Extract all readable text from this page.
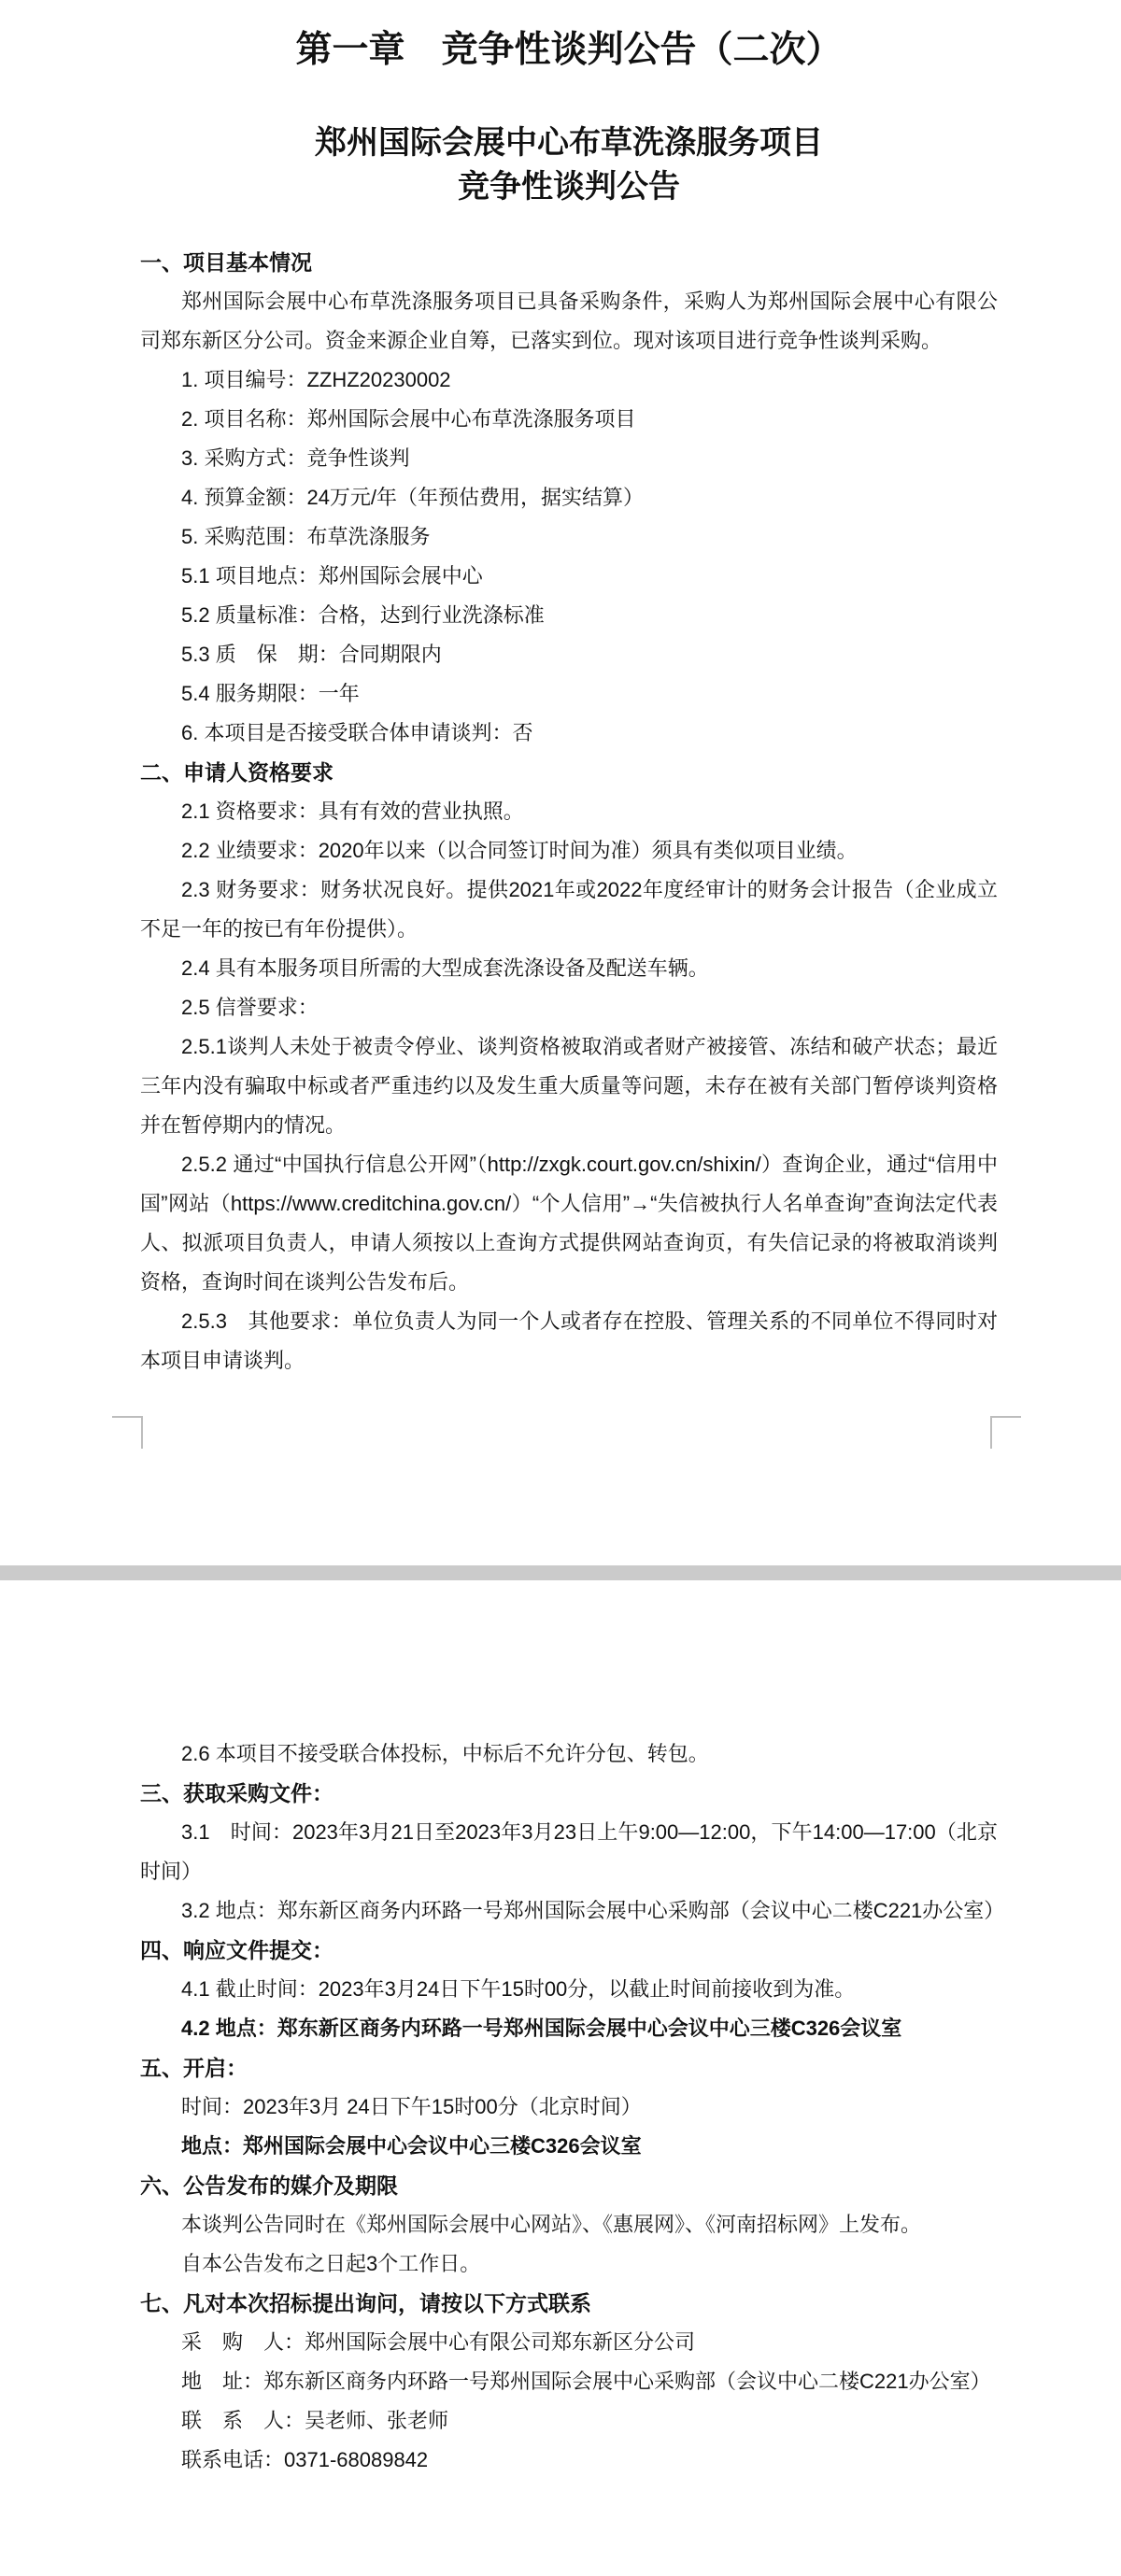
第一章　竞争性谈判公告（二次）
郑州国际会展中心布草洗涤服务项目
竞争性谈判公告
一、项目基本情况
郑州国际会展中心布草洗涤服务项目已具备采购条件，采购人为郑州国际会展中心有限公司郑东新区分公司。资金来源企业自筹，已落实到位。现对该项目进行竞争性谈判采购。
1. 项目编号：ZZHZ20230002
2. 项目名称：郑州国际会展中心布草洗涤服务项目
3. 采购方式：竞争性谈判
4. 预算金额：24万元/年（年预估费用，据实结算）
5. 采购范围：布草洗涤服务
5.1 项目地点：郑州国际会展中心
5.2 质量标准：合格，达到行业洗涤标准
5.3 质　保　期：合同期限内
5.4 服务期限：一年
6. 本项目是否接受联合体申请谈判：否
二、申请人资格要求
2.1 资格要求：具有有效的营业执照。
2.2 业绩要求：2020年以来（以合同签订时间为准）须具有类似项目业绩。
2.3 财务要求：财务状况良好。提供2021年或2022年度经审计的财务会计报告（企业成立不足一年的按已有年份提供）。
2.4 具有本服务项目所需的大型成套洗涤设备及配送车辆。
2.5 信誉要求：
2.5.1谈判人未处于被责令停业、谈判资格被取消或者财产被接管、冻结和破产状态；最近三年内没有骗取中标或者严重违约以及发生重大质量等问题，未存在被有关部门暂停谈判资格并在暂停期内的情况。
2.5.2 通过“中国执行信息公开网”（http://zxgk.court.gov.cn/shixin/）查询企业，通过“信用中国”网站（https://www.creditchina.gov.cn/）“个人信用”→“失信被执行人名单查询”查询法定代表人、拟派项目负责人，申请人须按以上查询方式提供网站查询页，有失信记录的将被取消谈判资格，查询时间在谈判公告发布后。
2.5.3　其他要求：单位负责人为同一个人或者存在控股、管理关系的不同单位不得同时对本项目申请谈判。
2.6 本项目不接受联合体投标，中标后不允许分包、转包。
三、获取采购文件：
3.1　时间：2023年3月21日至2023年3月23日上午9:00—12:00，下午14:00—17:00（北京时间）
3.2 地点：郑东新区商务内环路一号郑州国际会展中心采购部（会议中心二楼C221办公室）
四、响应文件提交：
4.1 截止时间：2023年3月24日下午15时00分，以截止时间前接收到为准。
4.2 地点：郑东新区商务内环路一号郑州国际会展中心会议中心三楼C326会议室
五、开启：
时间：2023年3月 24日下午15时00分（北京时间）
地点：郑州国际会展中心会议中心三楼C326会议室
六、公告发布的媒介及期限
本谈判公告同时在《郑州国际会展中心网站》、《惠展网》、《河南招标网》上发布。
自本公告发布之日起3个工作日。
七、凡对本次招标提出询问，请按以下方式联系
采　购　人：郑州国际会展中心有限公司郑东新区分公司
地　址：郑东新区商务内环路一号郑州国际会展中心采购部（会议中心二楼C221办公室）
联　系　人：吴老师、张老师
联系电话：0371-68089842
